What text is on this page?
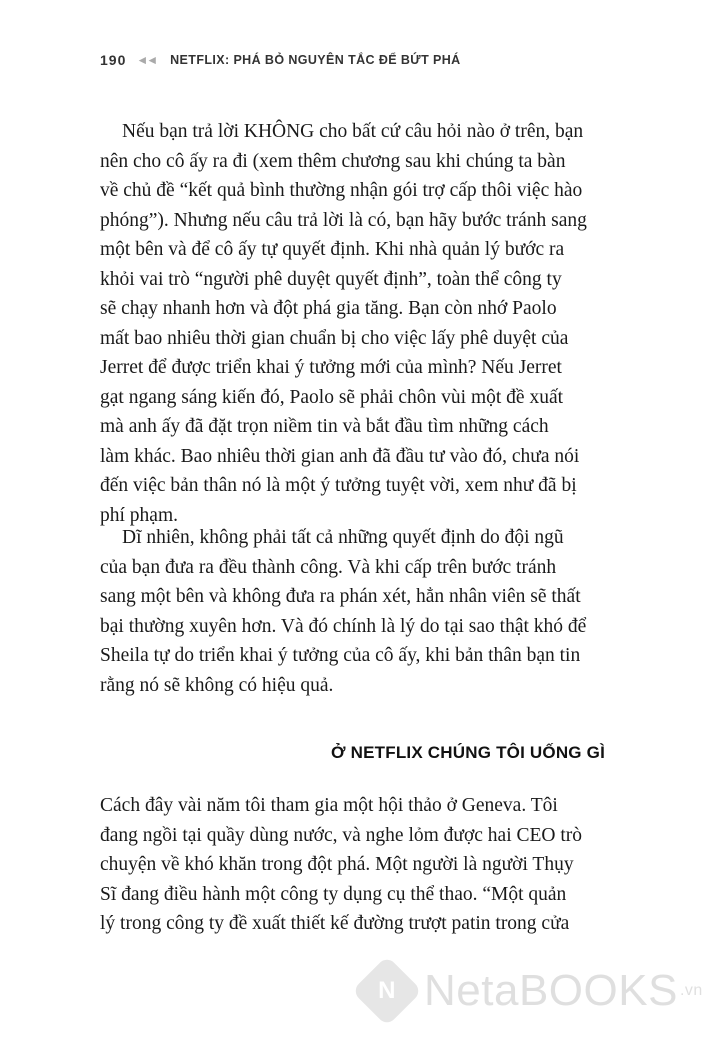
190 ◄◄ NETFLIX: PHÁ BỎ NGUYÊN TẮC ĐỂ BỨT PHÁ

Nếu bạn trả lời KHÔNG cho bất cứ câu hỏi nào ở trên, bạn
nên cho cô ấy ra đi (xem thêm chương sau khi chúng ta bàn
về chủ đề “kết quả bình thường nhận gói trợ cấp thôi việc hào
phóng”). Nhưng nếu câu trả lời là có, bạn hãy bước tránh sang
một bên và để cô ấy tự quyết định. Khi nhà quản lý bước ra
khỏi vai trò “người phê duyệt quyết định”, toàn thể công ty
sẽ chạy nhanh hơn và đột phá gia tăng. Bạn còn nhớ Paolo
mất bao nhiêu thời gian chuẩn bị cho việc lấy phê duyệt của
Jerret để được triển khai ý tưởng mới của mình? Nếu Jerret
gạt ngang sáng kiến đó, Paolo sẽ phải chôn vùi một đề xuất
mà anh ấy đã đặt trọn niềm tin và bắt đầu tìm những cách
làm khác. Bao nhiêu thời gian anh đã đầu tư vào đó, chưa nói
đến việc bản thân nó là một ý tưởng tuyệt vời, xem như đã bị
phí phạm.

Dĩ nhiên, không phải tất cả những quyết định do đội ngũ
của bạn đưa ra đều thành công. Và khi cấp trên bước tránh
sang một bên và không đưa ra phán xét, hẳn nhân viên sẽ thất
bại thường xuyên hơn. Và đó chính là lý do tại sao thật khó để
Sheila tự do triển khai ý tưởng của cô ấy, khi bản thân bạn tin
rằng nó sẽ không có hiệu quả.

Ở NETFLIX CHÚNG TÔI UỐNG GÌ

Cách đây vài năm tôi tham gia một hội thảo ở Geneva. Tôi
đang ngồi tại quầy dùng nước, và nghe lỏm được hai CEO trò
chuyện về khó khăn trong đột phá. Một người là người Thụy
Sĩ đang điều hành một công ty dụng cụ thể thao. “Một quản
lý trong công ty đề xuất thiết kế đường trượt patin trong cửa

N NetaBOOKS .vn
